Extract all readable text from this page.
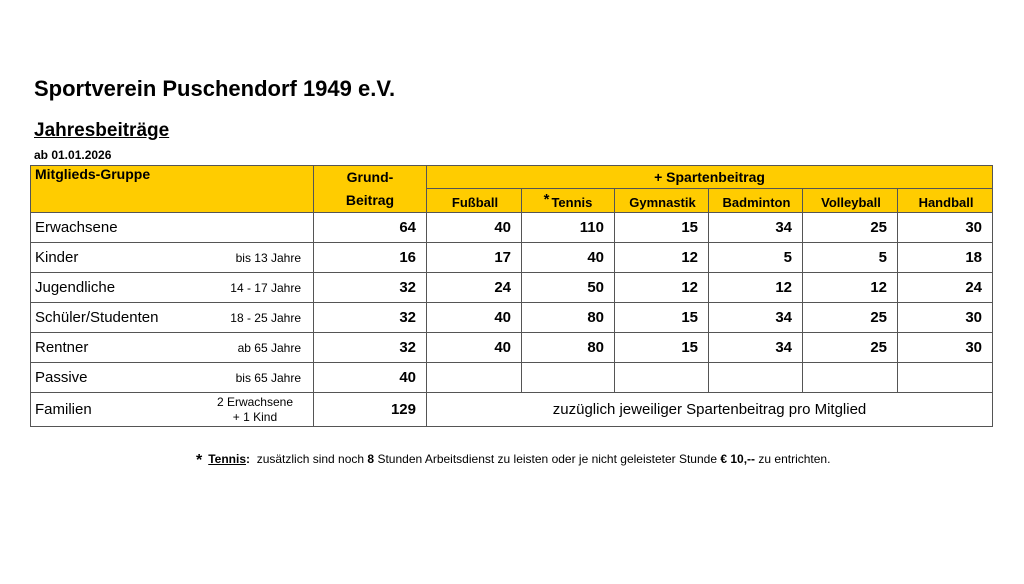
Sportverein Puschendorf 1949 e.V.
Jahresbeiträge
ab 01.01.2026
Mitglieds-Gruppe	Grund-	+ Spartenbeitrag					
	Beitrag	Fußball	* Tennis	Gymnastik	Badminton	Volleyball	Handball

Erwachsene	64	40	110	15	34	25	30

Kinder bis 13 Jahre	16	17	40	12	5	5	18

Jugendliche 14 - 17 Jahre	32	24	50	12	12	12	24

Schüler/Studenten 18 - 25 Jahre	32	40	80	15	34	25	30

Rentner ab 65 Jahre	32	40	80	15	34	25	30

Passive bis 65 Jahre	40						

Familien 2 Erwachsene
+ 1 Kind	129	zuzüglich jeweiliger Spartenbeitrag pro Mitglied					
* Tennis: zusätzlich sind noch 8 Stunden Arbeitsdienst zu leisten oder je nicht geleisteter Stunde € 10,-- zu entrichten.
